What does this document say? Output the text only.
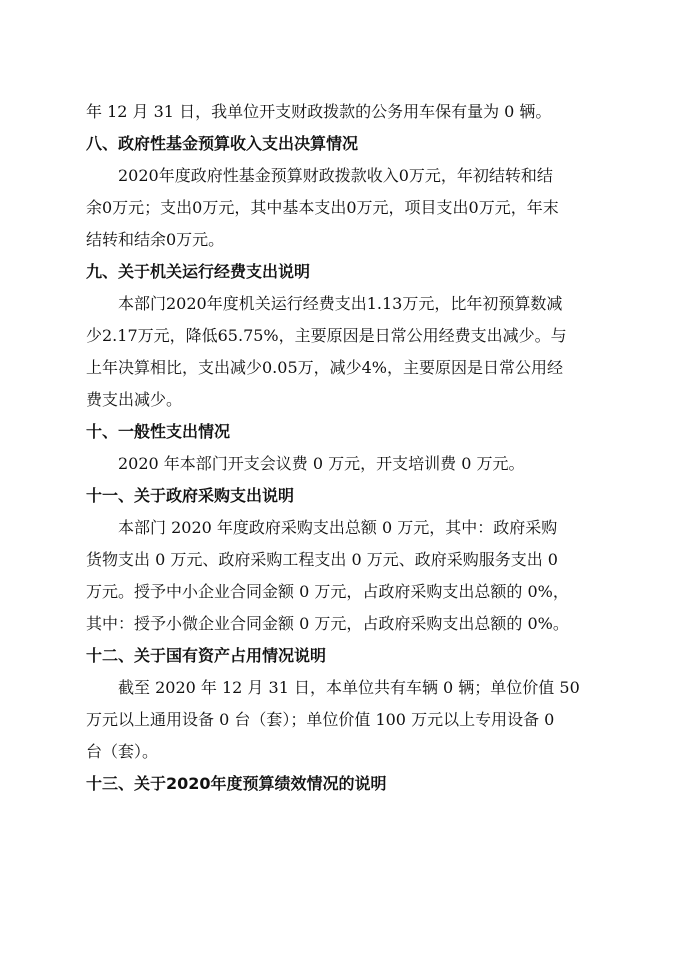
年 12 月 31 日，我单位开支财政拨款的公务用车保有量为 0 辆。

八、政府性基金预算收入支出决算情况

2020年度政府性基金预算财政拨款收入0万元，年初结转和结

余0万元；支出0万元，其中基本支出0万元，项目支出0万元，年末

结转和结余0万元。

九、关于机关运行经费支出说明

本部门2020年度机关运行经费支出1.13万元，比年初预算数减

少2.17万元，降低65.75%，主要原因是日常公用经费支出减少。与

上年决算相比，支出减少0.05万，减少4%，主要原因是日常公用经

费支出减少。

十、一般性支出情况

2020 年本部门开支会议费 0 万元，开支培训费 0 万元。

十一、关于政府采购支出说明

本部门 2020 年度政府采购支出总额 0 万元，其中：政府采购

货物支出 0 万元、政府采购工程支出 0 万元、政府采购服务支出 0

万元。授予中小企业合同金额 0 万元，占政府采购支出总额的 0%，

其中：授予小微企业合同金额 0 万元，占政府采购支出总额的 0%。

十二、关于国有资产占用情况说明

截至 2020 年 12 月 31 日，本单位共有车辆 0 辆；单位价值 50

万元以上通用设备 0 台（套）；单位价值 100 万元以上专用设备 0

台（套）。

十三、关于2020年度预算绩效情况的说明
